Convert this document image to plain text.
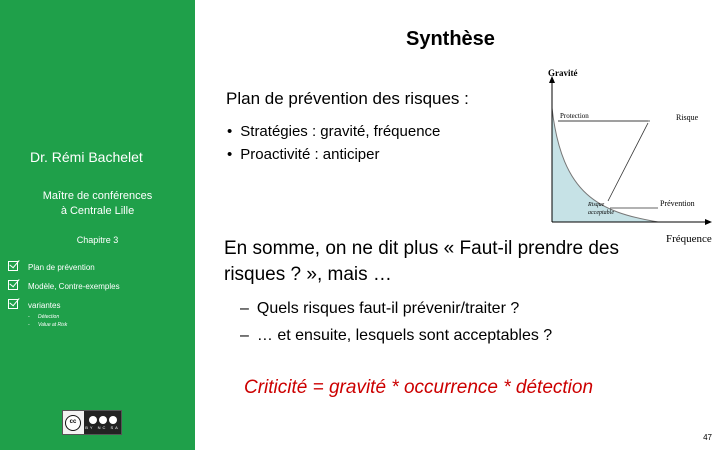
Dr. Rémi Bachelet
Maître de conférences
à Centrale Lille
Chapitre 3
Plan de prévention
Modèle, Contre-exemples
variantes
- Détection
- Value at Risk
cc
BY NC SA
Synthèse
Plan de prévention des risques :
• Stratégies : gravité, fréquence
• Proactivité : anticiper
En somme, on ne dit plus « Faut-il prendre des risques ? », mais …
– Quels risques faut-il prévenir/traiter ?
– … et ensuite, lesquels sont acceptables ?
Criticité = gravité * occurrence * détection
Gravité
Fréquence
Protection	Risque
Prévention
Risque
acceptable
47
